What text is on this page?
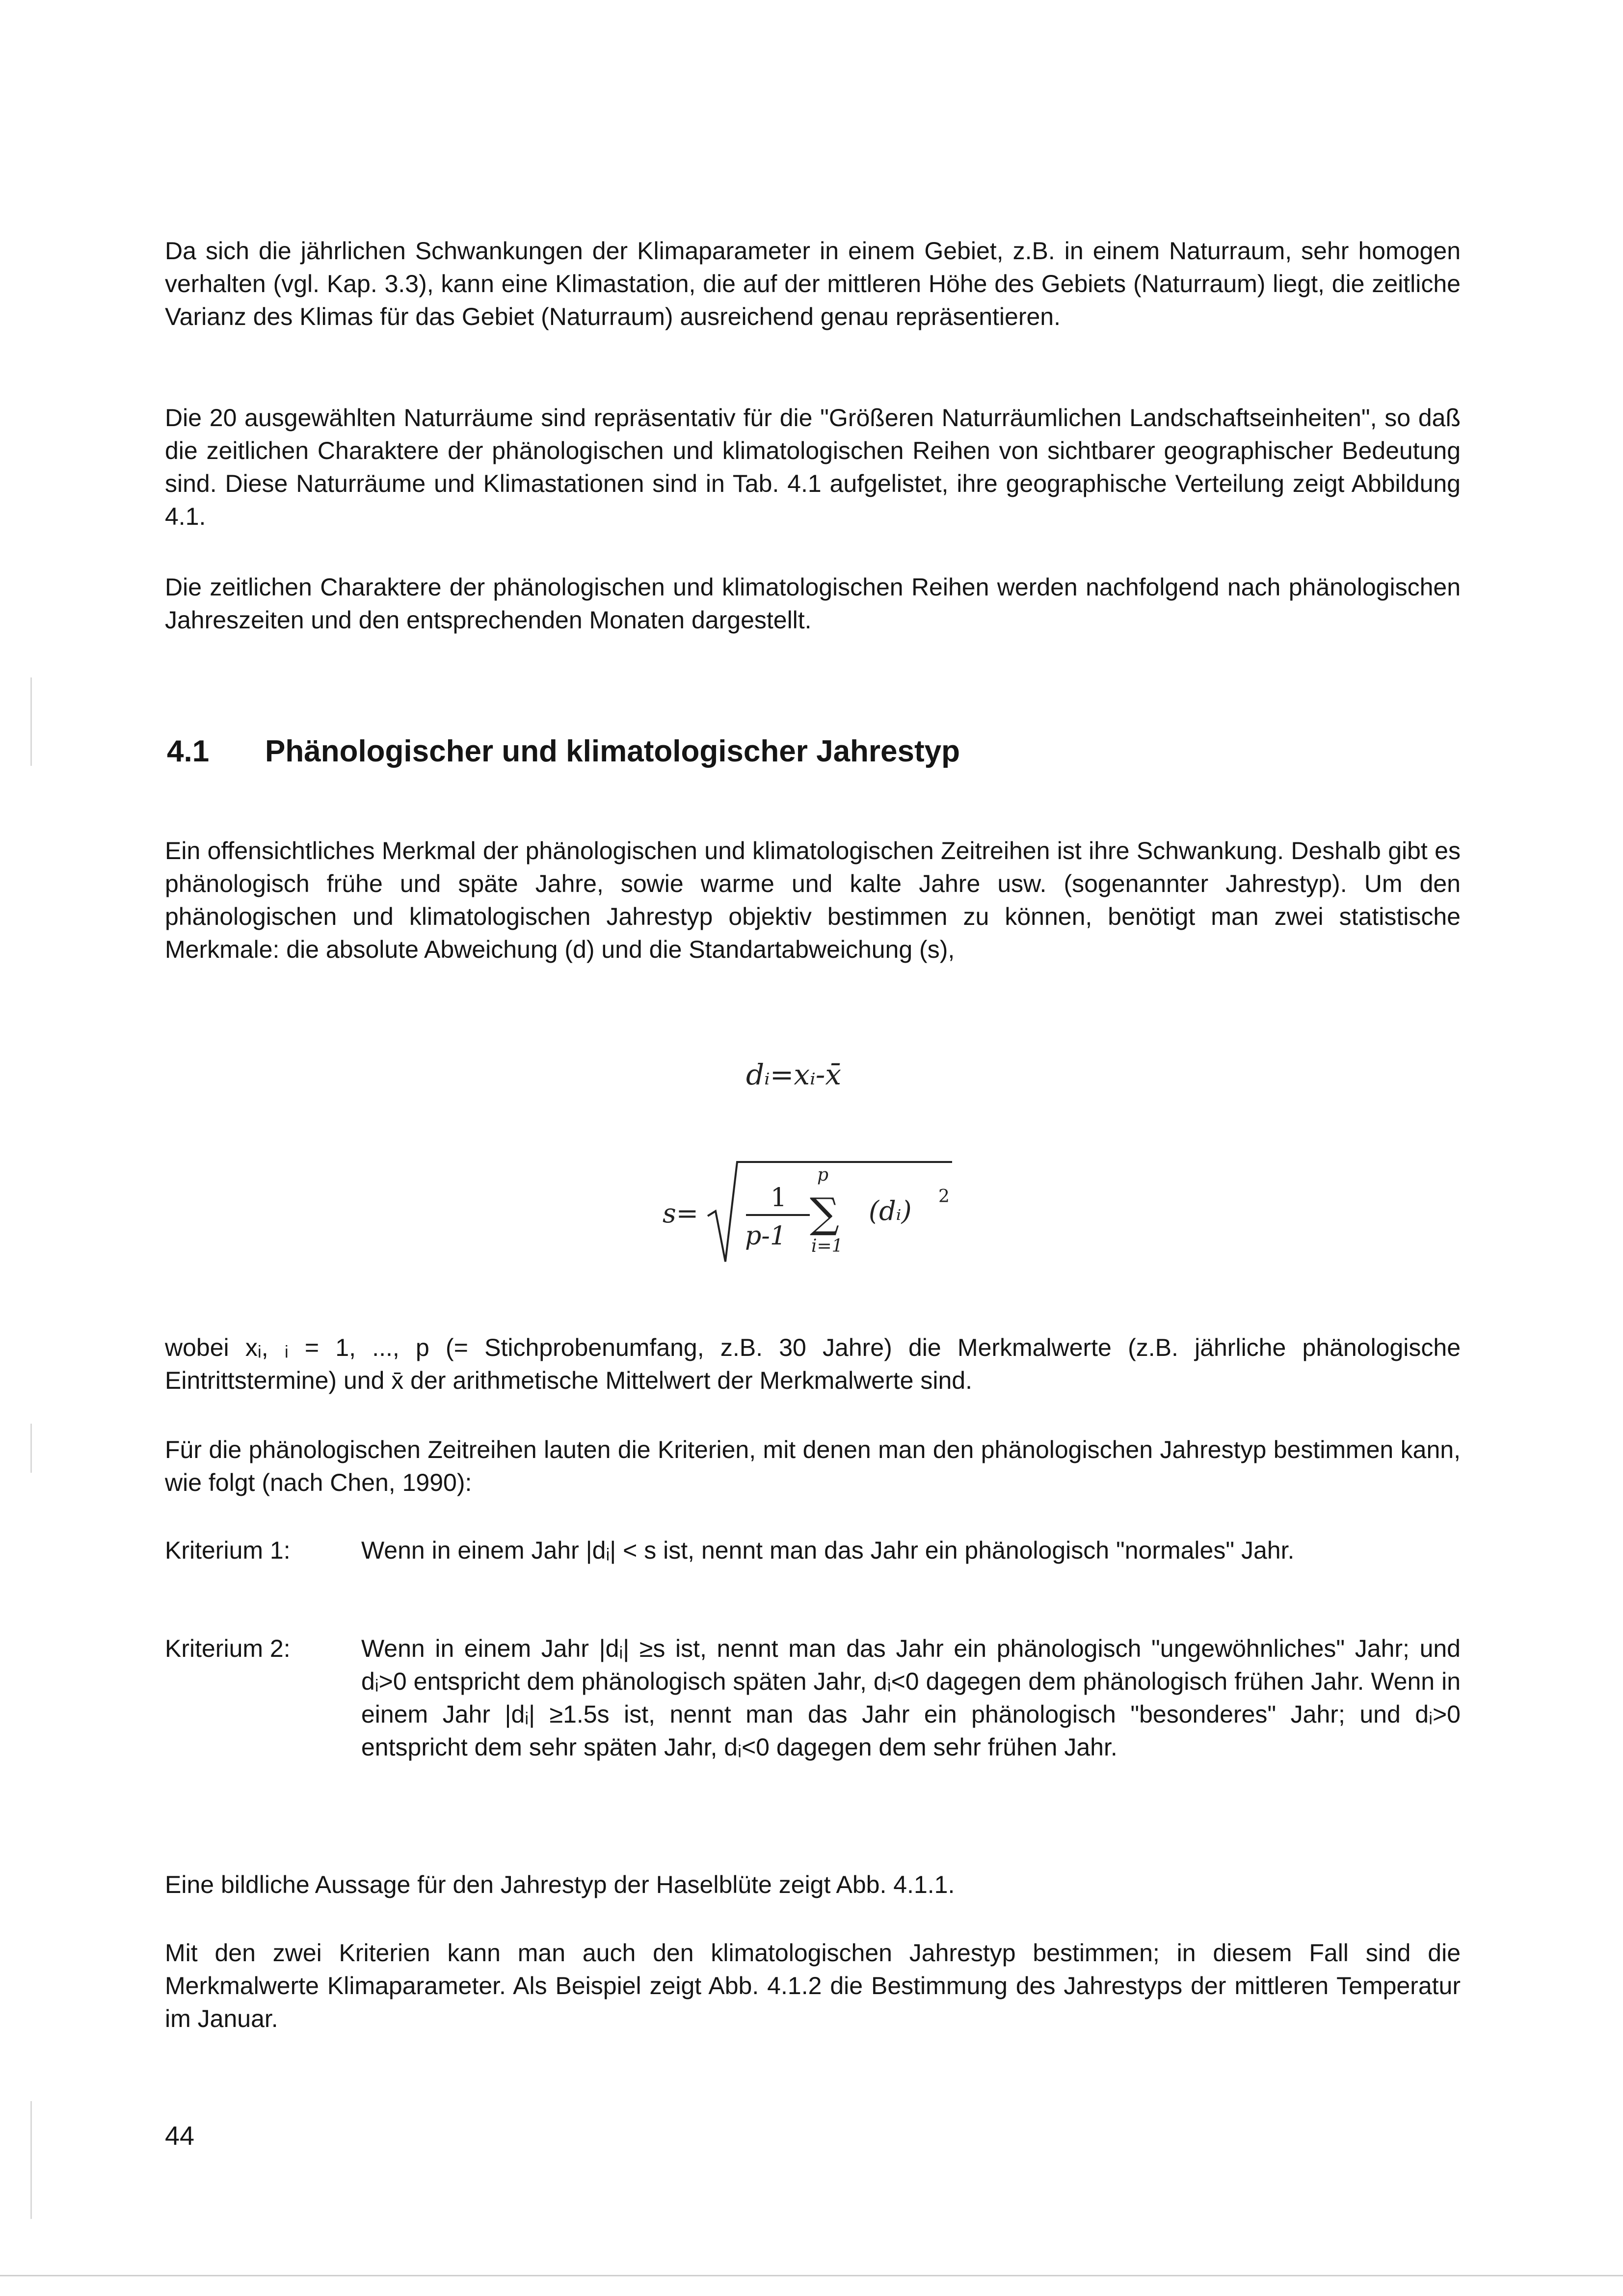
Da sich die jährlichen Schwankungen der Klimaparameter in einem Gebiet, z.B. in einem Naturraum, sehr homogen verhalten (vgl. Kap. 3.3), kann eine Klimastation, die auf der mittleren Höhe des Gebiets (Naturraum) liegt, die zeitliche Varianz des Klimas für das Gebiet (Naturraum) ausreichend genau repräsentieren.

Die 20 ausgewählten Naturräume sind repräsentativ für die "Größeren Naturräumlichen Landschaftseinheiten", so daß die zeitlichen Charaktere der phänologischen und klimatologischen Reihen von sichtbarer geographischer Bedeutung sind. Diese Naturräume und Klimastationen sind in Tab. 4.1 aufgelistet, ihre geographische Verteilung zeigt Abbildung 4.1.

Die zeitlichen Charaktere der phänologischen und klimatologischen Reihen werden nachfolgend nach phänologischen Jahreszeiten und den entsprechenden Monaten dargestellt.

4.1 Phänologischer und klimatologischer Jahrestyp

Ein offensichtliches Merkmal der phänologischen und klimatologischen Zeitreihen ist ihre Schwankung. Deshalb gibt es phänologisch frühe und späte Jahre, sowie warme und kalte Jahre usw. (sogenannter Jahrestyp). Um den phänologischen und klimatologischen Jahrestyp objektiv bestimmen zu können, benötigt man zwei statistische Merkmale: die absolute Abweichung (d) und die Standartabweichung (s),

dᵢ=xᵢ-x̄
s=	1
p-1
p
∑
i=1
(dᵢ) 2

wobei xᵢ, ᵢ = 1, ..., p (= Stichprobenumfang, z.B. 30 Jahre) die Merkmalwerte (z.B. jährliche phänologische Eintrittstermine) und x̄ der arithmetische Mittelwert der Merkmalwerte sind.

Für die phänologischen Zeitreihen lauten die Kriterien, mit denen man den phänologischen Jahrestyp bestimmen kann, wie folgt (nach Chen, 1990):

Kriterium 1:	Wenn in einem Jahr |dᵢ| < s ist, nennt man das Jahr ein phänologisch "normales" Jahr.

Kriterium 2:	Wenn in einem Jahr |dᵢ| ≥s ist, nennt man das Jahr ein phänologisch "ungewöhnliches" Jahr; und dᵢ>0 entspricht dem phänologisch späten Jahr, dᵢ<0 dagegen dem phänologisch frühen Jahr. Wenn in einem Jahr |dᵢ| ≥1.5s ist, nennt man das Jahr ein phänologisch "besonderes" Jahr; und dᵢ>0 entspricht dem sehr späten Jahr, dᵢ<0 dagegen dem sehr frühen Jahr.

Eine bildliche Aussage für den Jahrestyp der Haselblüte zeigt Abb. 4.1.1.

Mit den zwei Kriterien kann man auch den klimatologischen Jahrestyp bestimmen; in diesem Fall sind die Merkmalwerte Klimaparameter. Als Beispiel zeigt Abb. 4.1.2 die Bestimmung des Jahrestyps der mittleren Temperatur im Januar.

44
